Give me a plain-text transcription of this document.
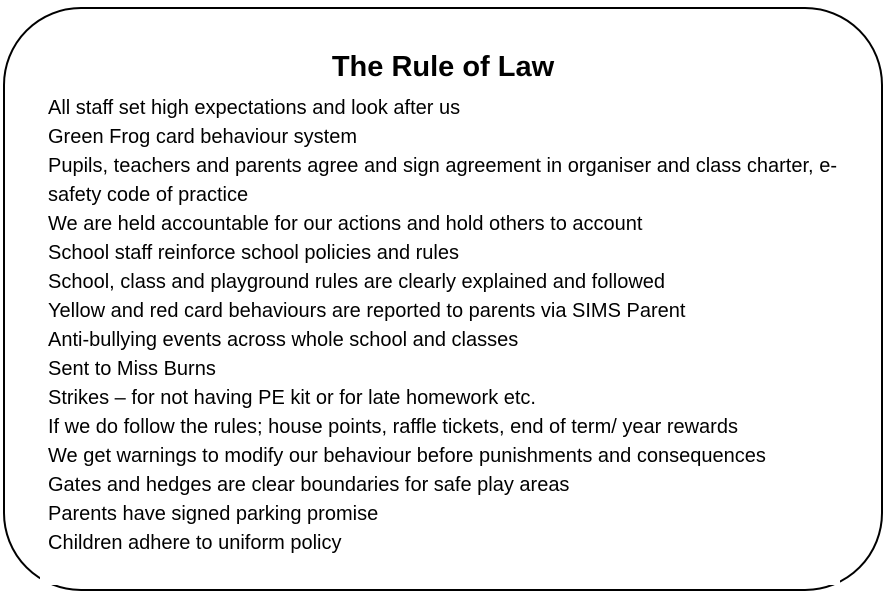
The Rule of Law
All staff set high expectations and look after us
Green Frog card behaviour system
Pupils, teachers and parents agree and sign agreement in organiser and class charter, e-safety code of practice
We are held accountable for our actions and hold others to account
School staff reinforce school policies and rules
School, class and playground rules are clearly explained and followed
Yellow and red card behaviours are reported to parents via SIMS Parent
Anti-bullying events across whole school and classes
Sent to Miss Burns
Strikes – for not having PE kit or for late homework etc.
If we do follow the rules; house points, raffle tickets, end of term/ year rewards
We get warnings to modify our behaviour before punishments and consequences
Gates and hedges are clear boundaries for safe play areas
Parents have signed parking promise
Children adhere to uniform policy
